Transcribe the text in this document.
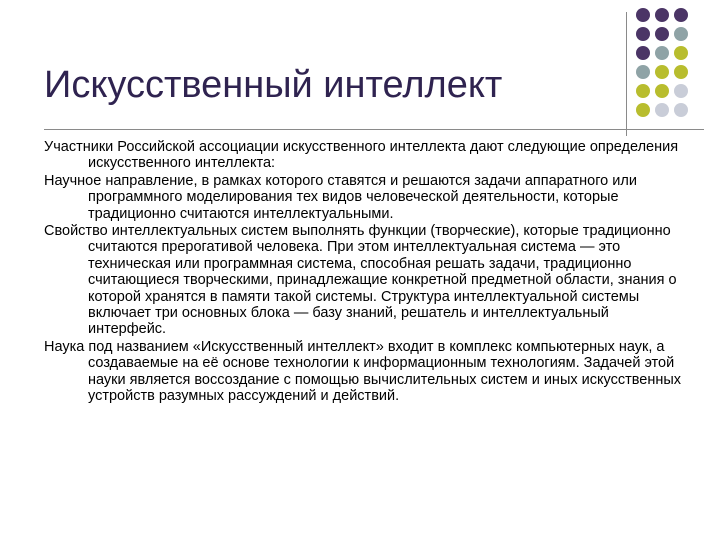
Искусственный интеллект
Участники Российской ассоциации искусственного интеллекта дают следующие определения искусственного интеллекта:
Научное направление, в рамках которого ставятся и решаются задачи аппаратного или программного моделирования тех видов человеческой деятельности, которые традиционно считаются интеллектуальными.
Свойство интеллектуальных систем выполнять функции (творческие), которые традиционно считаются прерогативой человека. При этом интеллектуальная система — это техническая или программная система, способная решать задачи, традиционно считающиеся творческими, принадлежащие конкретной предметной области, знания о которой хранятся в памяти такой системы. Структура интеллектуальной системы включает три основных блока — базу знаний, решатель и интеллектуальный интерфейс.
Наука под названием «Искусственный интеллект» входит в комплекс компьютерных наук, а создаваемые на её основе технологии к информационным технологиям. Задачей этой науки является воссоздание с помощью вычислительных систем и иных искусственных устройств разумных рассуждений и действий.
